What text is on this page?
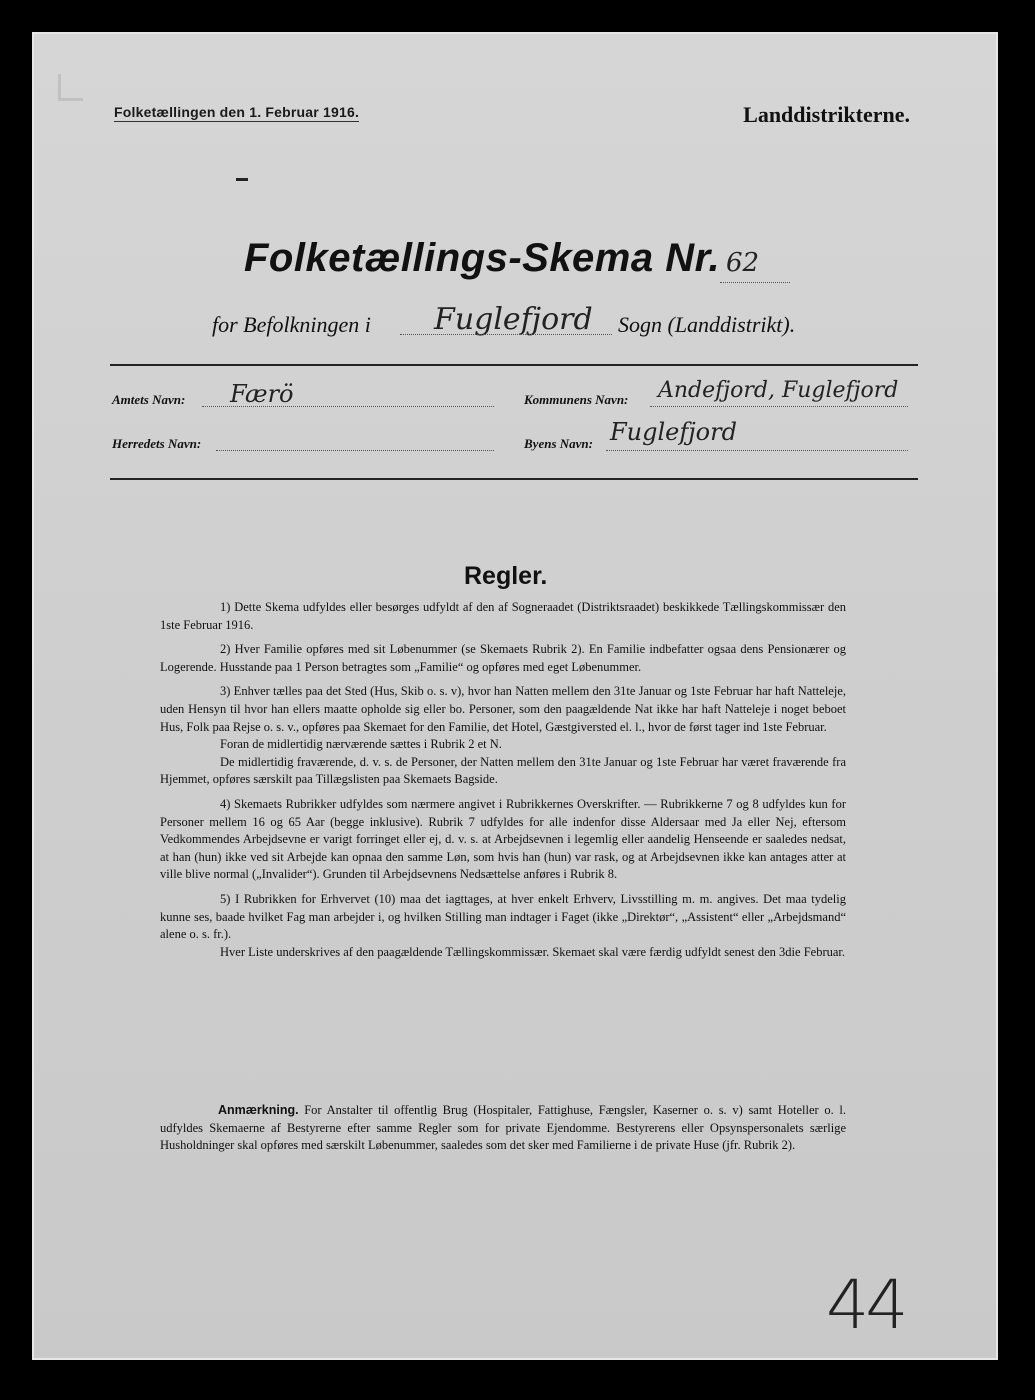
Folketællingen den 1. Februar 1916.	Landdistrikterne.
Folketællings-Skema Nr. 62
for Befolkningen i Fuglefjord Sogn (Landdistrikt).
Amtets Navn: Færö	Kommunens Navn: Andefjord, Fuglefjord
Herredets Navn:	Byens Navn: Fuglefjord
Regler.

1) Dette Skema udfyldes eller besørges udfyldt af den af Sogneraadet (Distriktsraadet) beskikkede Tællingskommissær den 1ste Februar 1916.

2) Hver Familie opføres med sit Løbenummer (se Skemaets Rubrik 2). En Familie indbefatter ogsaa dens Pensionærer og Logerende. Husstande paa 1 Person betragtes som „Familie“ og opføres med eget Løbenummer.

3) Enhver tælles paa det Sted (Hus, Skib o. s. v), hvor han Natten mellem den 31te Januar og 1ste Februar har haft Natteleje, uden Hensyn til hvor han ellers maatte opholde sig eller bo. Personer, som den paagældende Nat ikke har haft Natteleje i noget beboet Hus, Folk paa Rejse o. s. v., opføres paa Skemaet for den Familie, det Hotel, Gæstgiversted el. l., hvor de først tager ind 1ste Februar.

Foran de midlertidig nærværende sættes i Rubrik 2 et N.

De midlertidig fraværende, d. v. s. de Personer, der Natten mellem den 31te Januar og 1ste Februar har været fraværende fra Hjemmet, opføres særskilt paa Tillægslisten paa Skemaets Bagside.

4) Skemaets Rubrikker udfyldes som nærmere angivet i Rubrikkernes Overskrifter. — Rubrikkerne 7 og 8 udfyldes kun for Personer mellem 16 og 65 Aar (begge inklusive). Rubrik 7 udfyldes for alle indenfor disse Aldersaar med Ja eller Nej, eftersom Vedkommendes Arbejdsevne er varigt forringet eller ej, d. v. s. at Arbejdsevnen i legemlig eller aandelig Henseende er saaledes nedsat, at han (hun) ikke ved sit Arbejde kan opnaa den samme Løn, som hvis han (hun) var rask, og at Arbejdsevnen ikke kan antages atter at ville blive normal („Invalider“). Grunden til Arbejdsevnens Nedsættelse anføres i Rubrik 8.

5) I Rubrikken for Erhvervet (10) maa det iagttages, at hver enkelt Erhverv, Livsstilling m. m. angives. Det maa tydelig kunne ses, baade hvilket Fag man arbejder i, og hvilken Stilling man indtager i Faget (ikke „Direktør“, „Assistent“ eller „Arbejdsmand“ alene o. s. fr.).

Hver Liste underskrives af den paagældende Tællingskommissær. Skemaet skal være færdig udfyldt senest den 3die Februar.

Anmærkning. For Anstalter til offentlig Brug (Hospitaler, Fattighuse, Fængsler, Kaserner o. s. v) samt Hoteller o. l. udfyldes Skemaerne af Bestyrerne efter samme Regler som for private Ejendomme. Bestyrerens eller Opsynspersonalets særlige Husholdninger skal opføres med særskilt Løbenummer, saaledes som det sker med Familierne i de private Huse (jfr. Rubrik 2).

44
